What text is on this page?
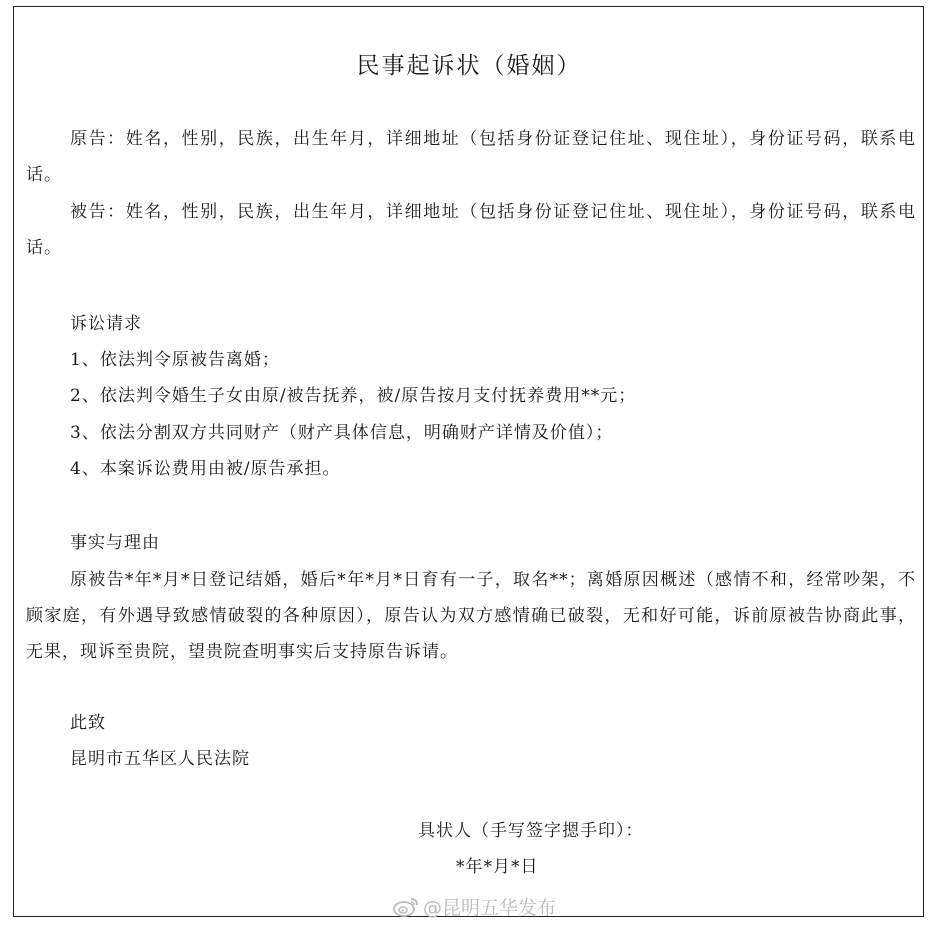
民事起诉状（婚姻）
原告：姓名，性别，民族，出生年月，详细地址（包括身份证登记住址、现住址），身份证号码，联系电话。
被告：姓名，性别，民族，出生年月，详细地址（包括身份证登记住址、现住址），身份证号码，联系电话。
诉讼请求
1、依法判令原被告离婚；
2、依法判令婚生子女由原/被告抚养，被/原告按月支付抚养费用**元；
3、依法分割双方共同财产（财产具体信息，明确财产详情及价值）；
4、本案诉讼费用由被/原告承担。
事实与理由
原被告*年*月*日登记结婚，婚后*年*月*日育有一子，取名**；离婚原因概述（感情不和，经常吵架，不顾家庭，有外遇导致感情破裂的各种原因），原告认为双方感情确已破裂，无和好可能，诉前原被告协商此事，无果，现诉至贵院，望贵院查明事实后支持原告诉请。
此致
昆明市五华区人民法院
具状人（手写签字摁手印）：
*年*月*日
@昆明五华发布
